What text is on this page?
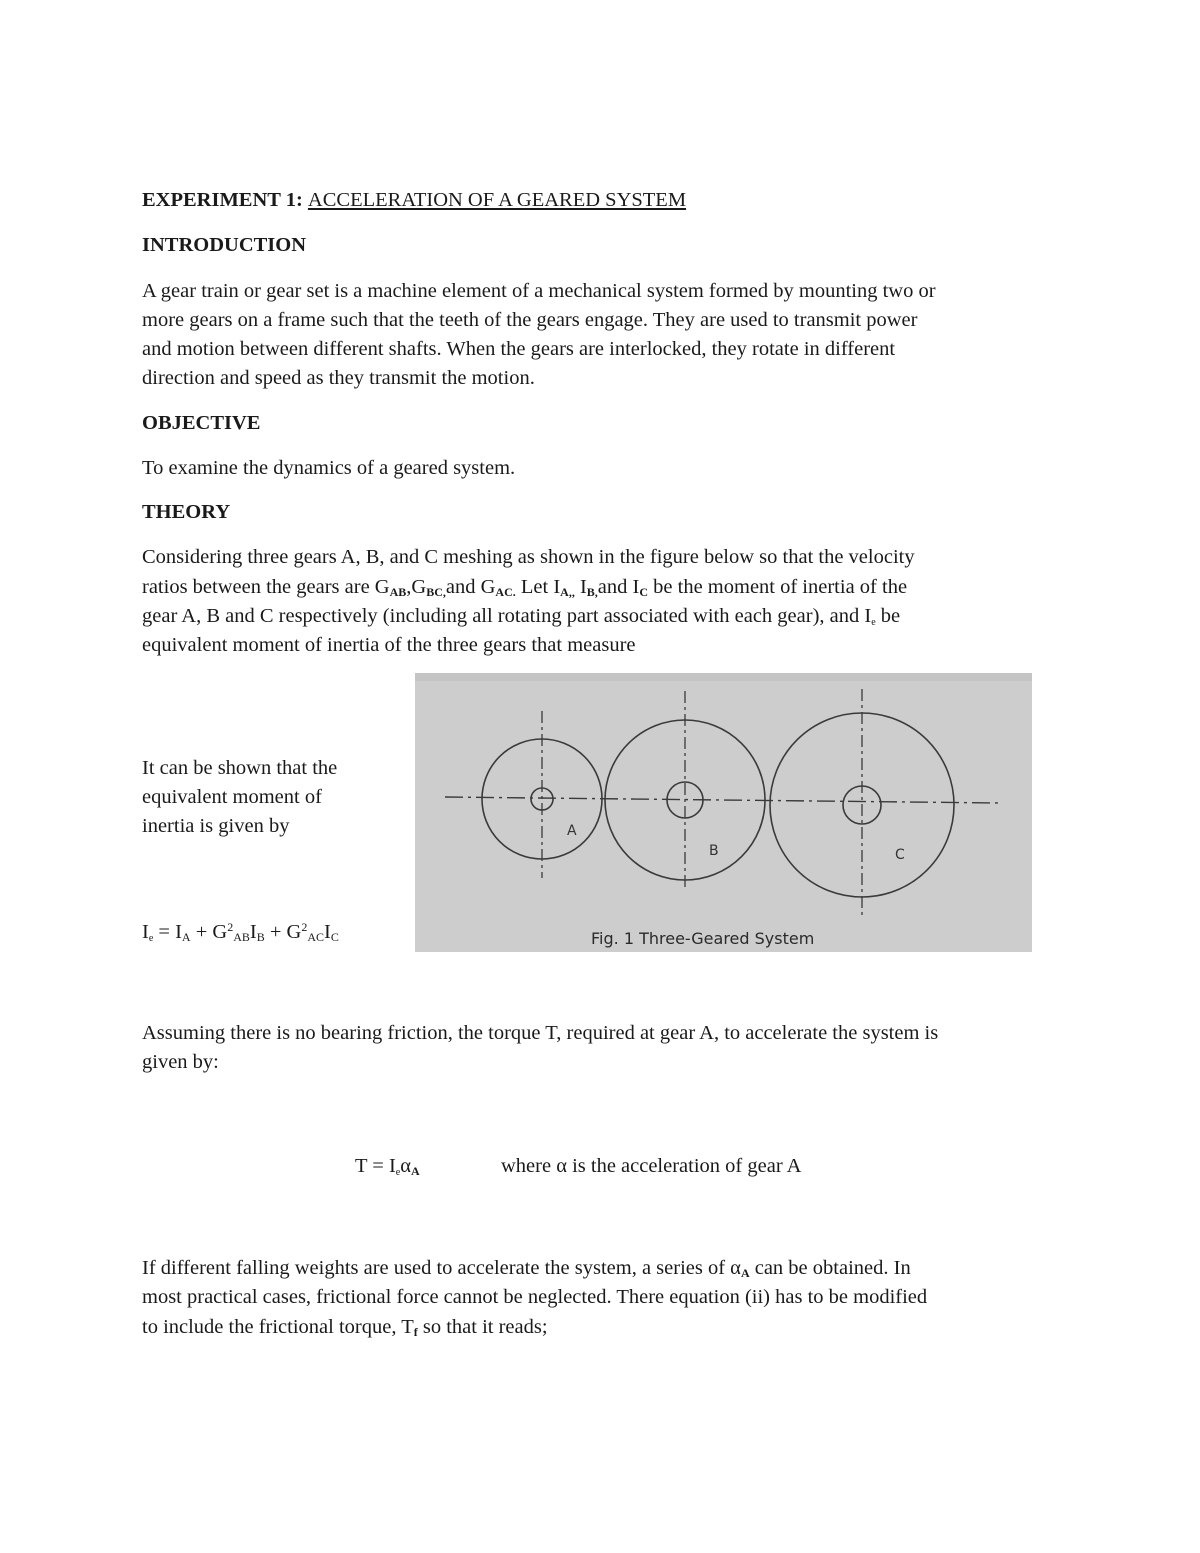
EXPERIMENT 1: ACCELERATION OF A GEARED SYSTEM
INTRODUCTION
A gear train or gear set is a machine element of a mechanical system formed by mounting two or
more gears on a frame such that the teeth of the gears engage. They are used to transmit power
and motion between different shafts. When the gears are interlocked, they rotate in different
direction and speed as they transmit the motion.
OBJECTIVE
To examine the dynamics of a geared system.
THEORY
Considering three gears A, B, and C meshing as shown in the figure below so that the velocity
ratios between the gears are $G_{AB},G_{BC,}and$ $G_{AC.}$ Let $I_{A,,}$ $I_{B,}and$ $I_C$ be the moment of inertia of the
gear A, B and C respectively (including all rotating part associated with each gear), and $I_e$ be
equivalent moment of inertia of the three gears that measure
It can be shown that the
equivalent moment of
inertia is given by
$I_e = I_A + G^2_{AB}I_B + G^2_{AC}I_C$
A
B	C
Fig. 1 Three-Geared System
Assuming there is no bearing friction, the torque T, required at gear A, to accelerate the system is
given by:
$T = I_e\alpha_A$	where α is the acceleration of gear A
If different falling weights are used to accelerate the system, a series of $\alpha_A$ can be obtained. In
most practical cases, frictional force cannot be neglected. There equation (ii) has to be modified
to include the frictional torque, $T_f$ so that it reads;
